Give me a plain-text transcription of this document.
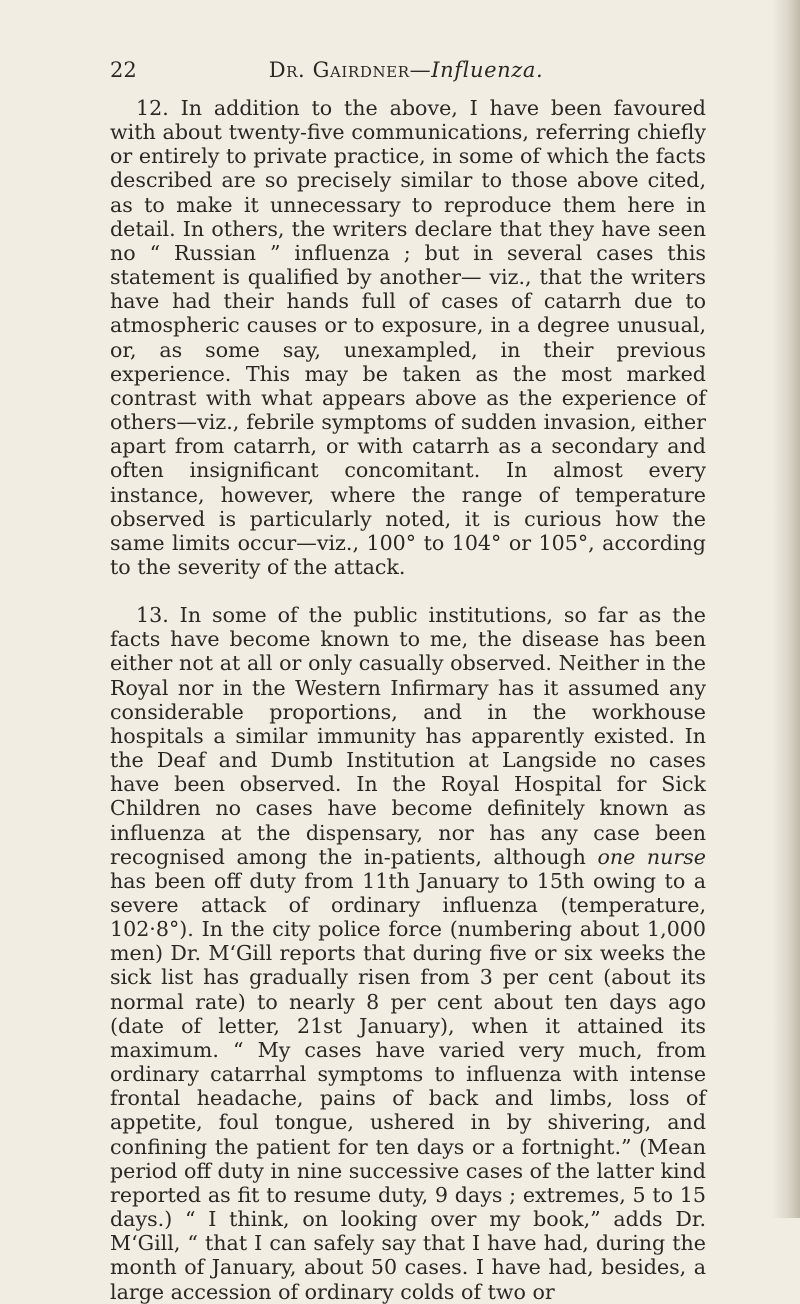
22	Dr. Gairdner—Influenza.

12. In addition to the above, I have been favoured with about twenty-five communications, referring chiefly or entirely to private practice, in some of which the facts described are so precisely similar to those above cited, as to make it unnecessary to reproduce them here in detail. In others, the writers declare that they have seen no “ Russian ” influenza ; but in several cases this statement is qualified by another— viz., that the writers have had their hands full of cases of catarrh due to atmospheric causes or to exposure, in a degree unusual, or, as some say, unexampled, in their previous experience. This may be taken as the most marked contrast with what appears above as the experience of others—viz., febrile symptoms of sudden invasion, either apart from catarrh, or with catarrh as a secondary and often insignificant concomitant. In almost every instance, however, where the range of temperature observed is particularly noted, it is curious how the same limits occur—viz., 100° to 104° or 105°, according to the severity of the attack.

13. In some of the public institutions, so far as the facts have become known to me, the disease has been either not at all or only casually observed. Neither in the Royal nor in the Western Infirmary has it assumed any considerable proportions, and in the workhouse hospitals a similar immunity has apparently existed. In the Deaf and Dumb Institution at Langside no cases have been observed. In the Royal Hospital for Sick Children no cases have become definitely known as influenza at the dispensary, nor has any case been recognised among the in-patients, although one nurse has been off duty from 11th January to 15th owing to a severe attack of ordinary influenza (temperature, 102·8°). In the city police force (numbering about 1,000 men) Dr. M‘Gill reports that during five or six weeks the sick list has gradually risen from 3 per cent (about its normal rate) to nearly 8 per cent about ten days ago (date of letter, 21st January), when it attained its maximum. “ My cases have varied very much, from ordinary catarrhal symptoms to influenza with intense frontal headache, pains of back and limbs, loss of appetite, foul tongue, ushered in by shivering, and confining the patient for ten days or a fortnight.” (Mean period off duty in nine successive cases of the latter kind reported as fit to resume duty, 9 days ; extremes, 5 to 15 days.) “ I think, on looking over my book,” adds Dr. M‘Gill, “ that I can safely say that I have had, during the month of January, about 50 cases. I have had, besides, a large accession of ordinary colds of two or
